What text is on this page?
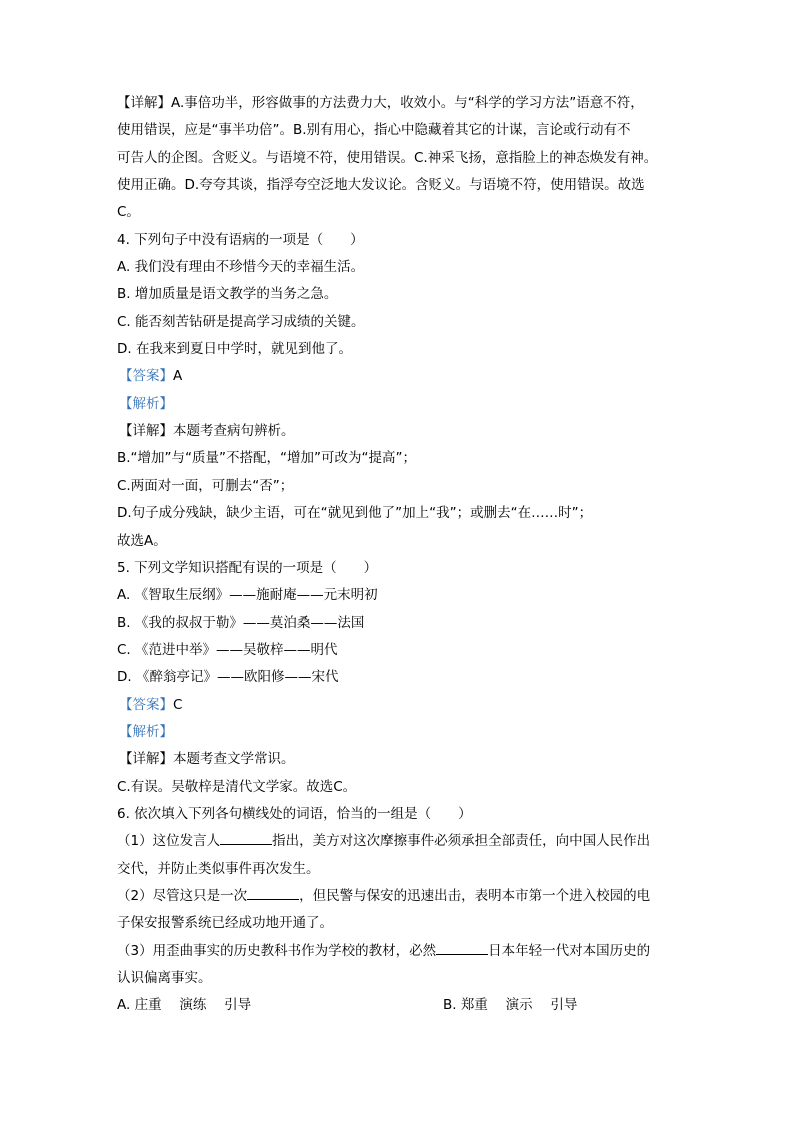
【详解】A.事倍功半，形容做事的方法费力大，收效小。与“科学的学习方法”语意不符，
使用错误，应是“事半功倍”。B.别有用心，指心中隐藏着其它的计谋，言论或行动有不
可告人的企图。含贬义。与语境不符，使用错误。C.神采飞扬，意指脸上的神态焕发有神。
使用正确。D.夸夸其谈，指浮夸空泛地大发议论。含贬义。与语境不符，使用错误。故选
C。
4. 下列句子中没有语病的一项是（　　）
A. 我们没有理由不珍惜今天的幸福生活。
B. 增加质量是语文教学的当务之急。
C. 能否刻苦钻研是提高学习成绩的关键。
D. 在我来到夏日中学时，就见到他了。
【答案】A
【解析】
【详解】本题考查病句辨析。
B.“增加”与“质量”不搭配，“增加”可改为“提高”；
C.两面对一面，可删去“否”；
D.句子成分残缺，缺少主语，可在“就见到他了”加上“我”；或删去“在……时”；
故选A。
5. 下列文学知识搭配有误的一项是（　　）
A. 《智取生辰纲》——施耐庵——元末明初
B. 《我的叔叔于勒》——莫泊桑——法国
C. 《范进中举》——吴敬梓——明代
D. 《醉翁亭记》——欧阳修——宋代
【答案】C
【解析】
【详解】本题考查文学常识。
C.有误。吴敬梓是清代文学家。故选C。
6. 依次填入下列各句横线处的词语，恰当的一组是（　　）
（1）这位发言人	指出，美方对这次摩擦事件必须承担全部责任，向中国人民作出
交代，并防止类似事件再次发生。
（2）尽管这只是一次	，但民警与保安的迅速出击，表明本市第一个进入校园的电
子保安报警系统已经成功地开通了。
（3）用歪曲事实的历史教科书作为学校的教材，必然	日本年轻一代对本国历史的
认识偏离事实。
A. 庄重　 演练　 引导	B. 郑重　 演示　 引导
